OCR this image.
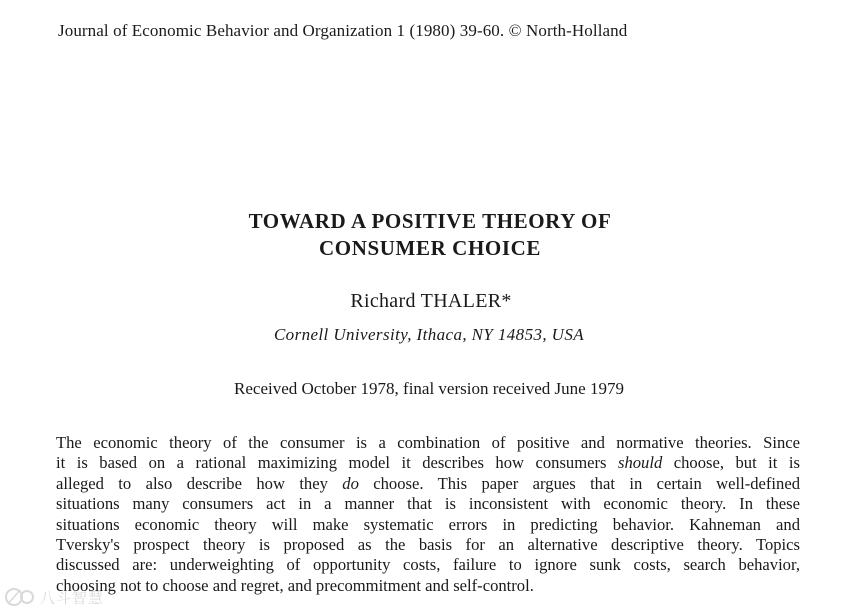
Journal of Economic Behavior and Organization 1 (1980) 39-60. © North-Holland
TOWARD A POSITIVE THEORY OF
CONSUMER CHOICE
Richard THALER*
Cornell University, Ithaca, NY 14853, USA
Received October 1978, final version received June 1979
The economic theory of the consumer is a combination of positive and normative theories. Since
it is based on a rational maximizing model it describes how consumers should choose, but it is
alleged to also describe how they do choose. This paper argues that in certain well-defined
situations many consumers act in a manner that is inconsistent with economic theory. In these
situations economic theory will make systematic errors in predicting behavior. Kahneman and
Tversky's prospect theory is proposed as the basis for an alternative descriptive theory. Topics
discussed are: underweighting of opportunity costs, failure to ignore sunk costs, search behavior,
choosing not to choose and regret, and precommitment and self-control.
八斗智慧
